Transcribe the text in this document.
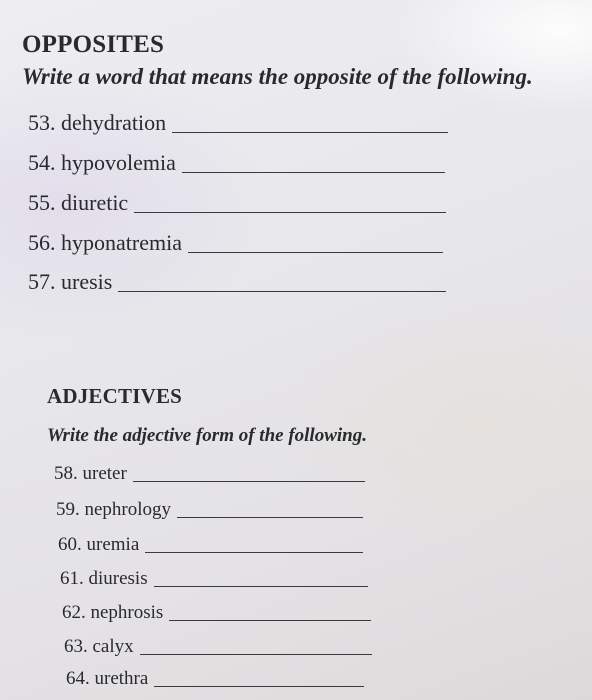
OPPOSITES
Write a word that means the opposite of the following.
53. dehydration
54. hypovolemia
55. diuretic
56. hyponatremia
57. uresis
ADJECTIVES
Write the adjective form of the following.
58. ureter
59. nephrology
60. uremia
61. diuresis
62. nephrosis
63. calyx
64. urethra
